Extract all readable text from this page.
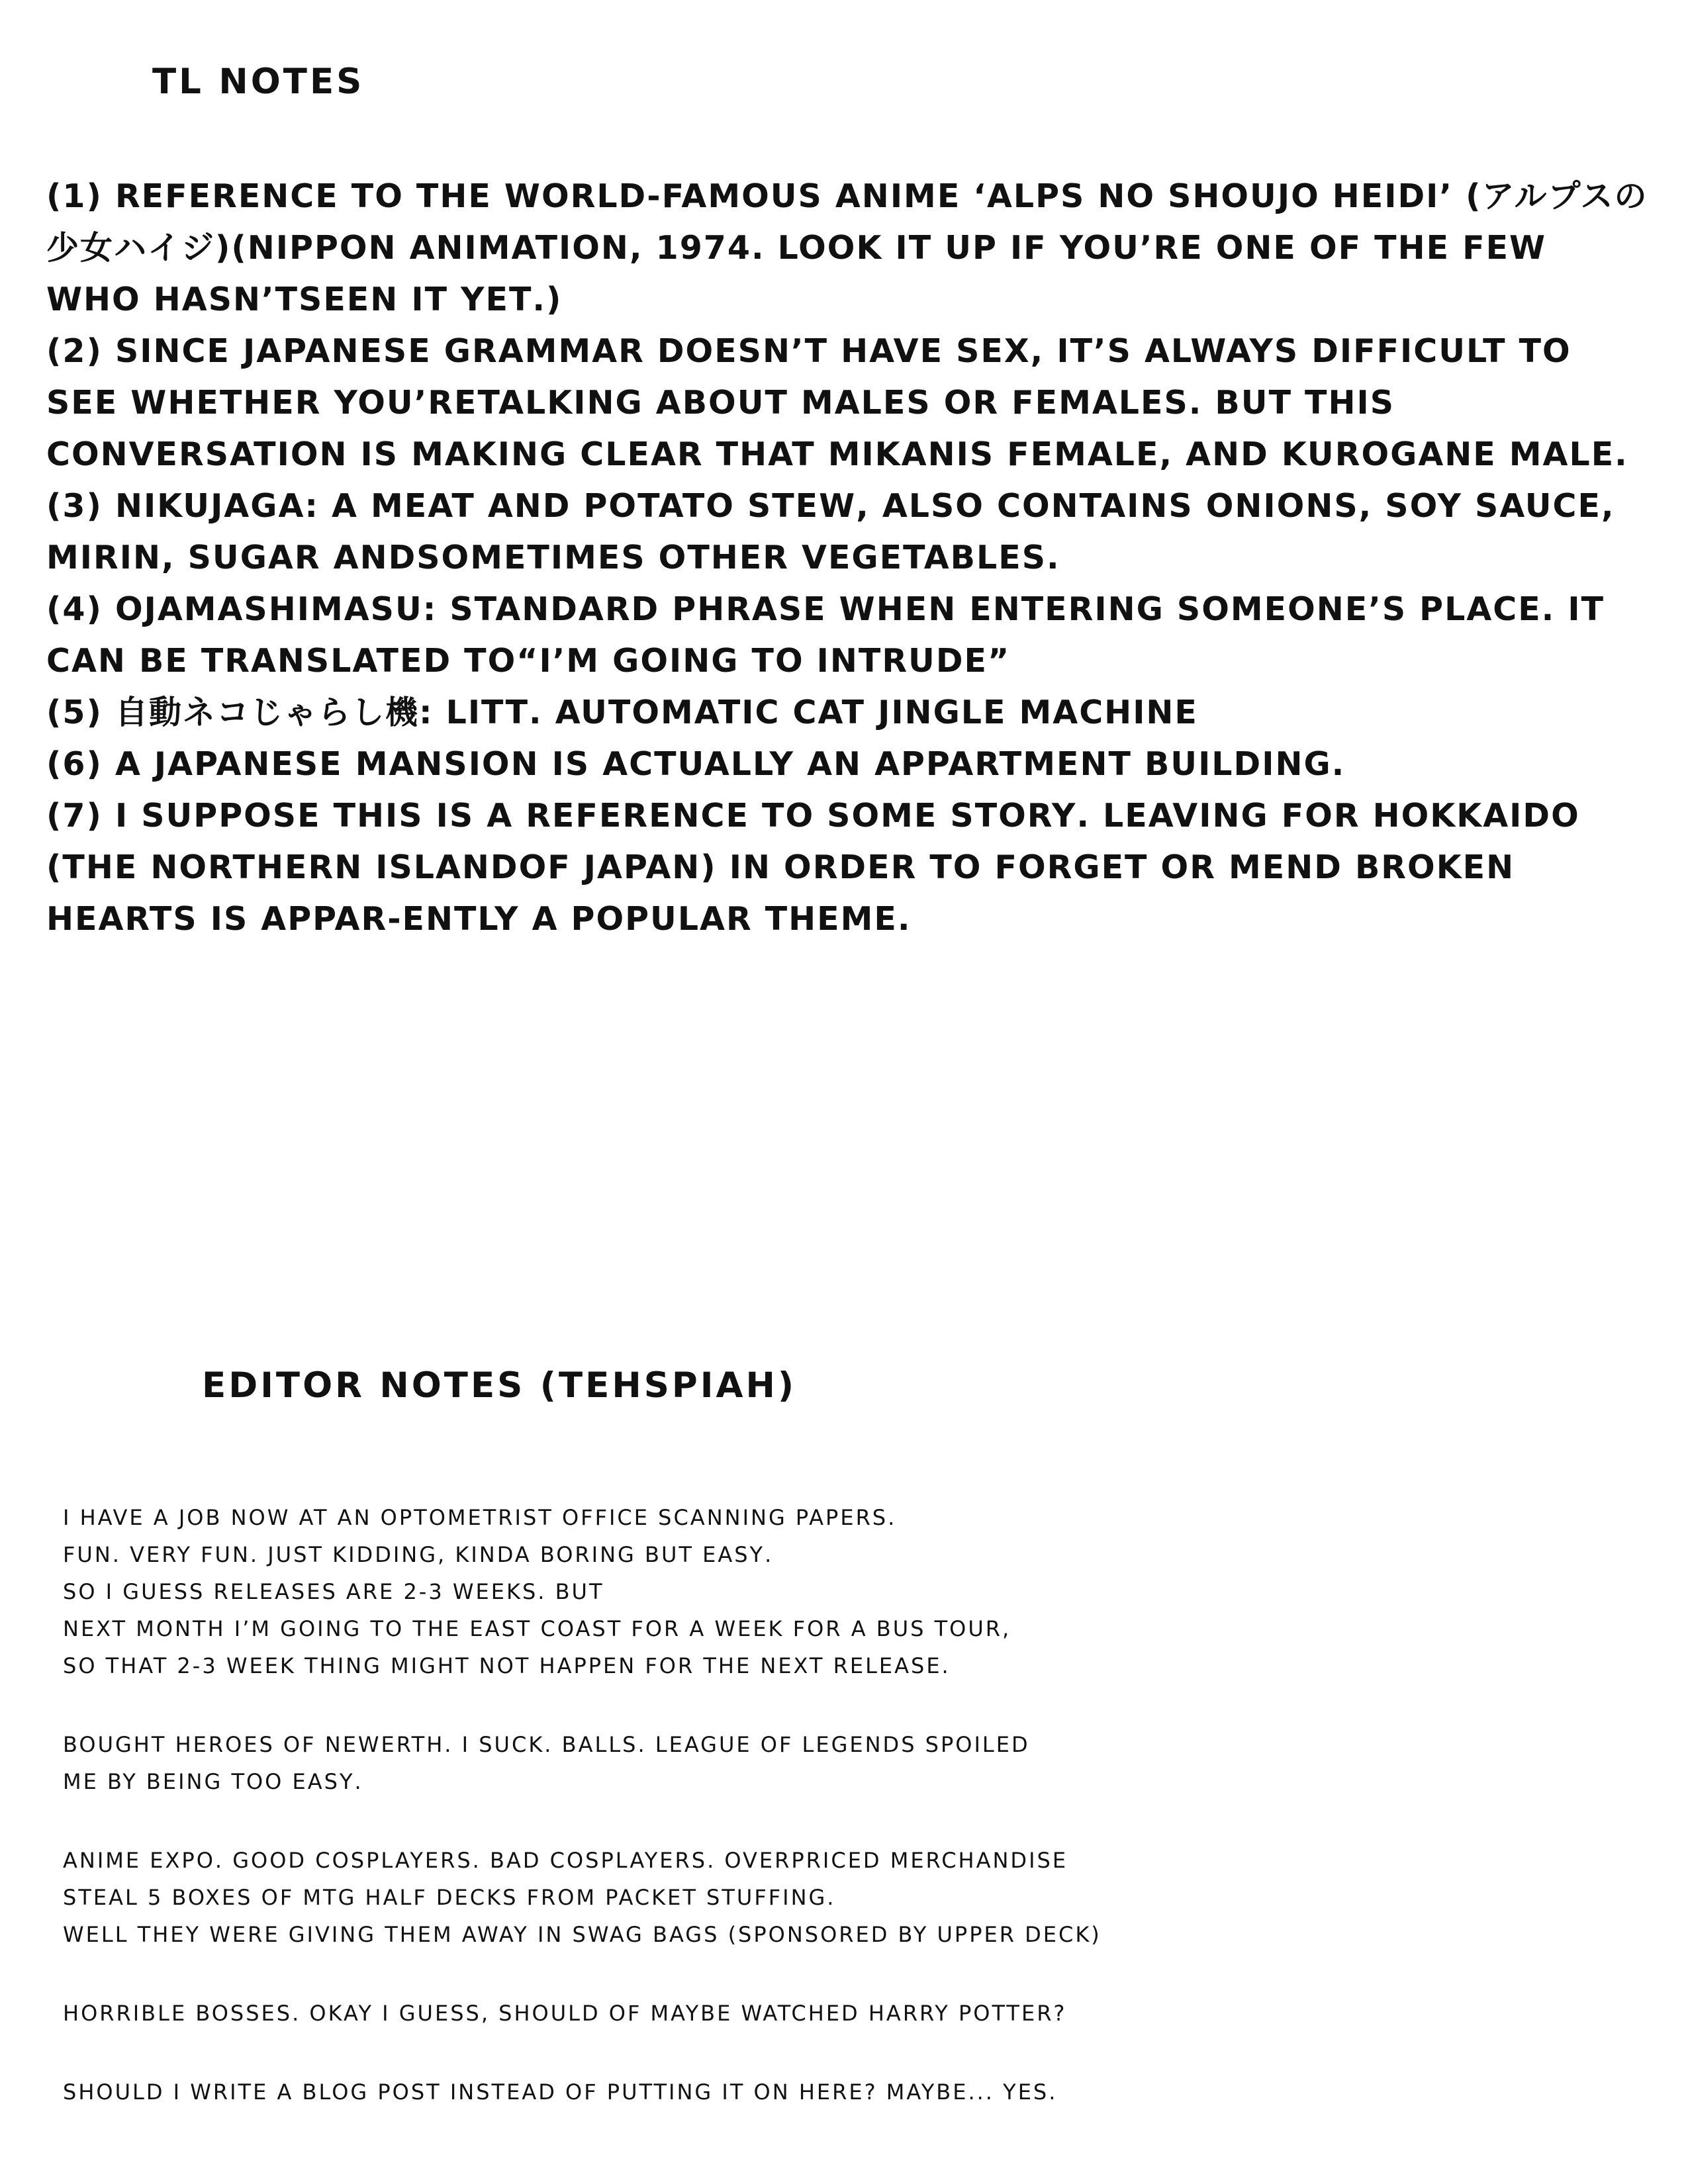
tl notes
(1) reference to the world-famous anime ‘alps no shoujo heidi’ (アルプスの少女ハイジ)(nippon animation, 1974. look it up if you’re one of the few who hasn’tseen it yet.)
(2) since japanese grammar doesn’t have sex, it’s always difficult to see whether you’retalking about males or females. but this conversation is making clear that mikanis female, and kurogane male.
(3) nikujaga: a meat and potato stew, also contains onions, soy sauce, mirin, sugar andsometimes other vegetables.
(4) ojamashimasu: standard phrase when entering someone’s place. it can be translated to“i’m going to intrude”
(5) 自動ネコじゃらし機: litt. automatic cat jingle machine
(6) a japanese mansion is actually an appartment building.
(7) i suppose this is a reference to some story. leaving for hokkaido (the northern islandof japan) in order to forget or mend broken hearts is appar-ently a popular theme.
editor notes (tehspiah)

i have a job now at an optometrist office scanning papers.
fun. very fun. just kidding, kinda boring but easy.
so i guess releases are 2-3 weeks. but
next month i’m going to the east coast for a week for a bus tour,
so that 2-3 week thing might not happen for the next release.

bought heroes of newerth. i suck. balls. league of legends spoiled
me by being too easy.

anime expo. good cosplayers. bad cosplayers. overpriced merchandise
steal 5 boxes of mtg half decks from packet stuffing.
well they were giving them away in swag bags (sponsored by upper deck)

horrible bosses. okay i guess, should of maybe watched harry potter?

should i write a blog post instead of putting it on here? maybe... yes.
